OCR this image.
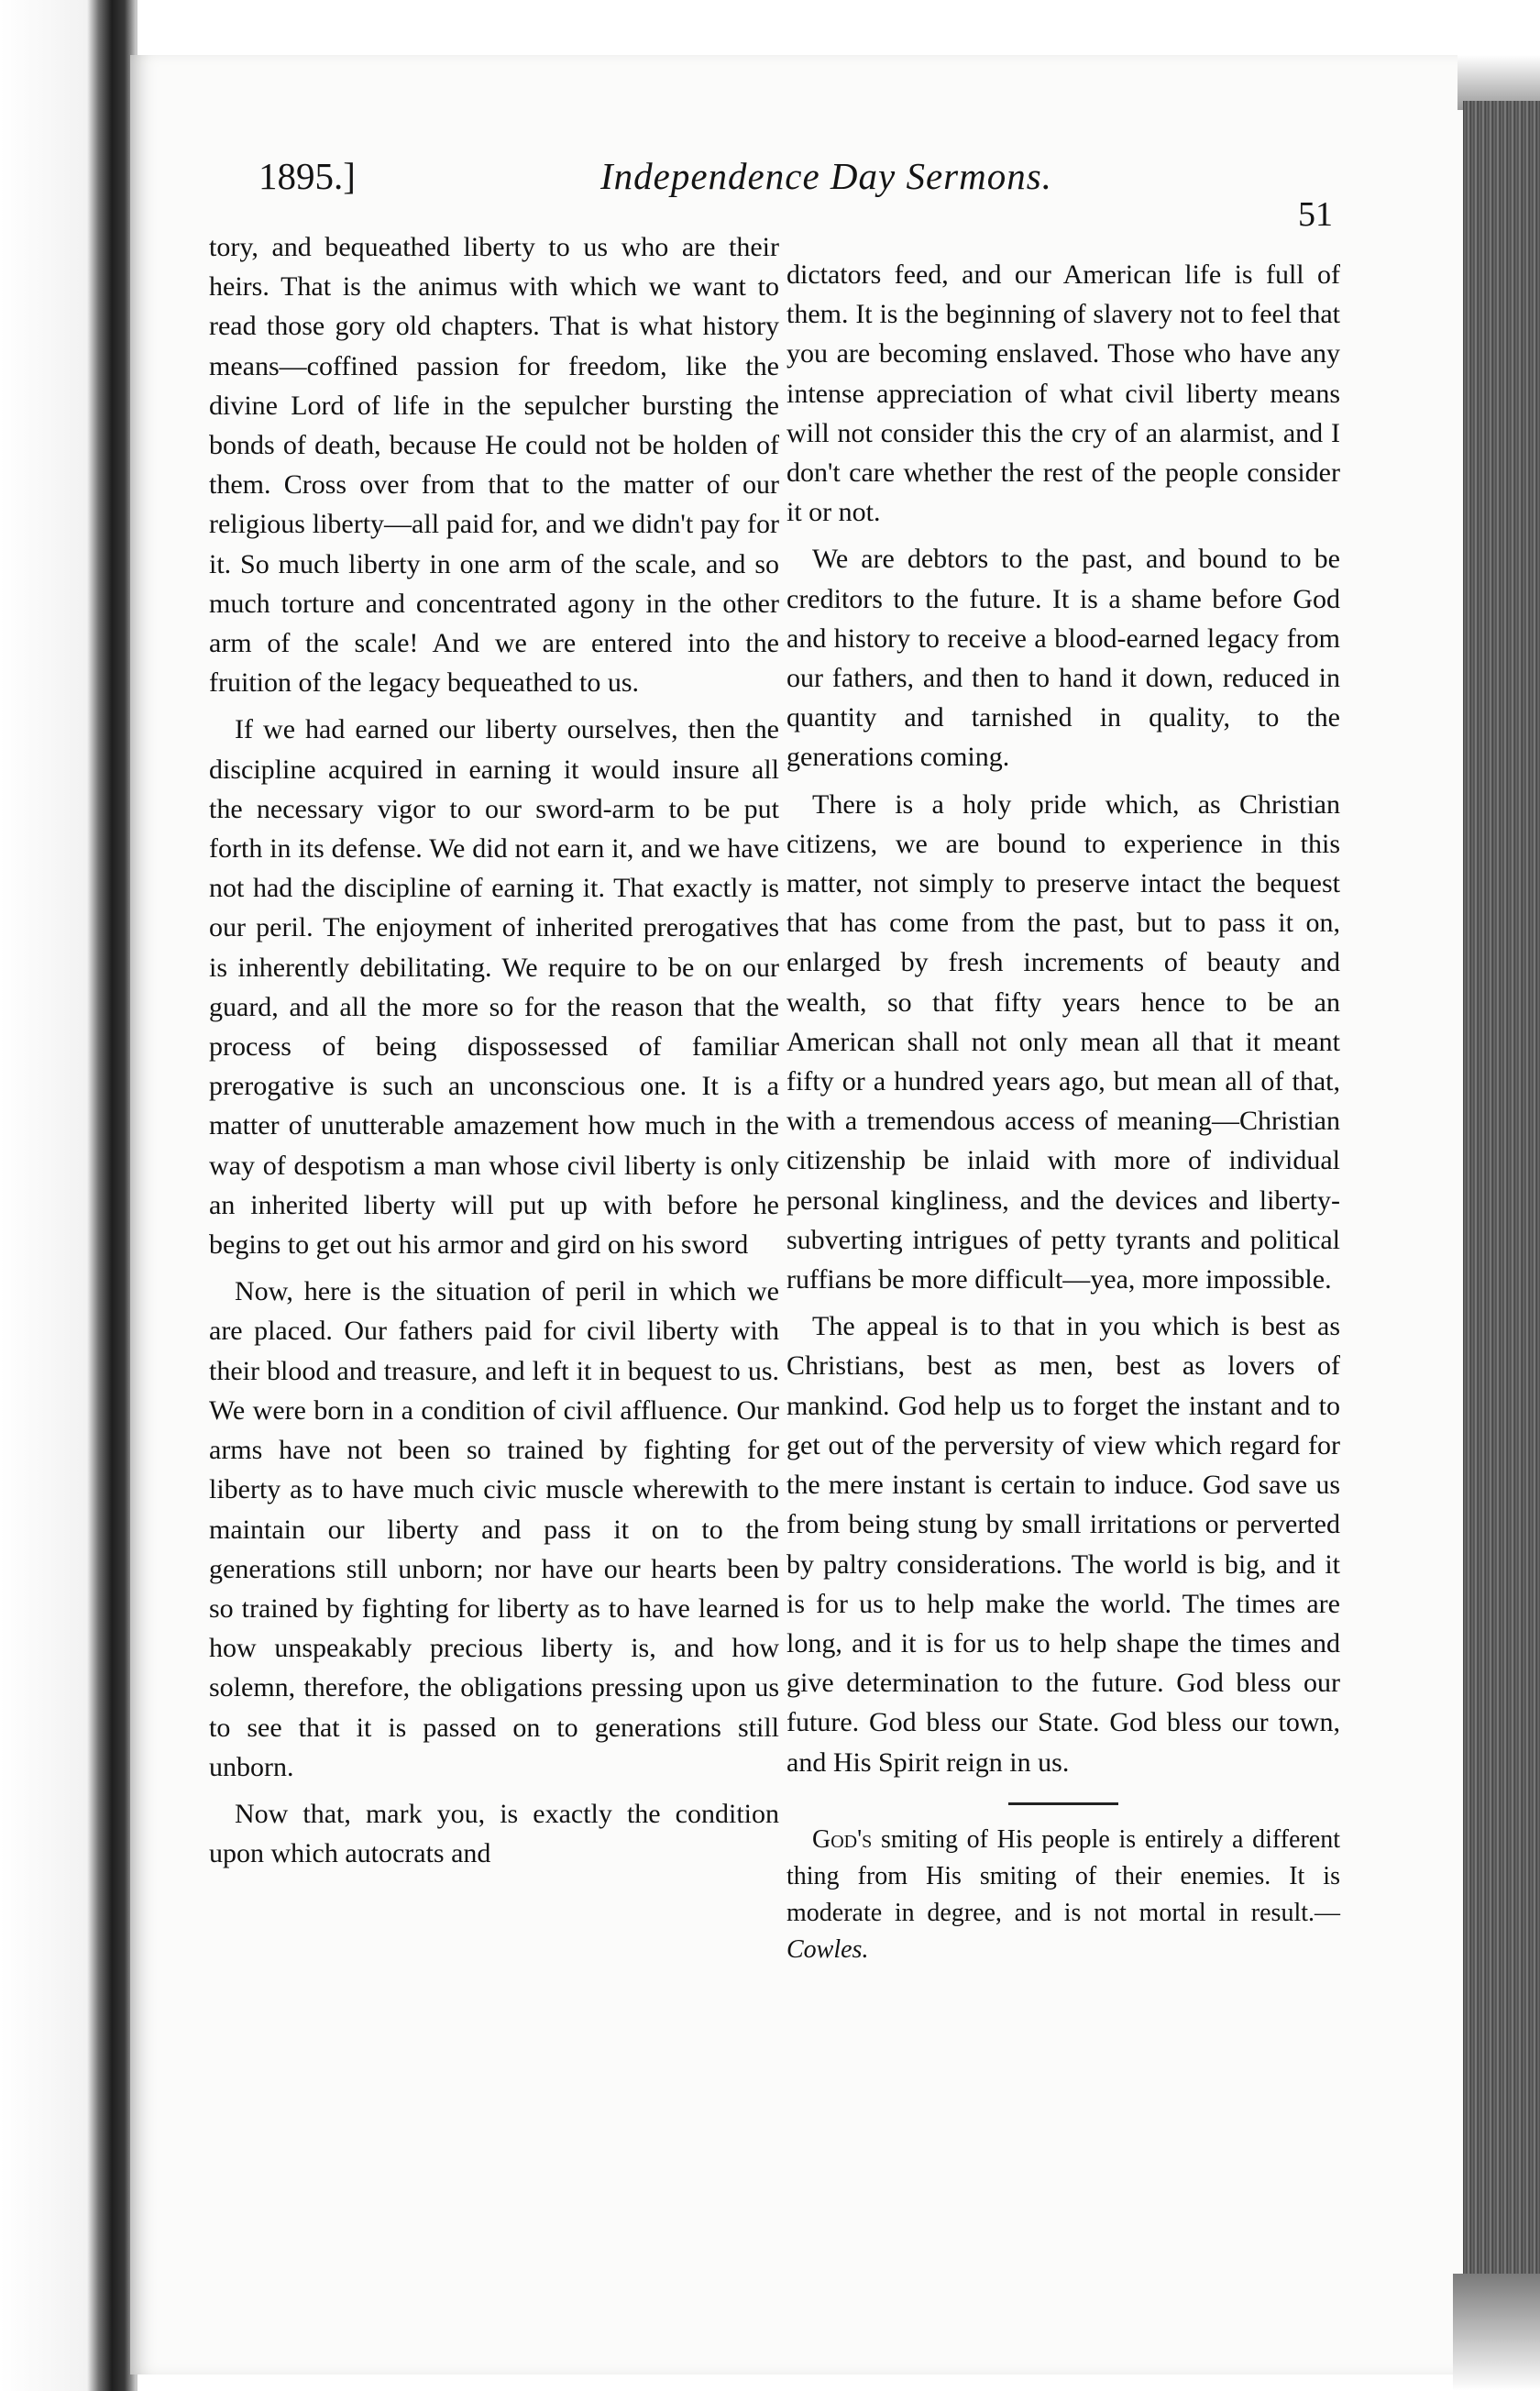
1895.]	Independence Day Sermons.
51

tory, and bequeathed liberty to us who are their heirs. That is the animus with which we want to read those gory old chapters. That is what history means—coffined passion for freedom, like the divine Lord of life in the sepulcher bursting the bonds of death, because He could not be holden of them. Cross over from that to the matter of our religious liberty—all paid for, and we didn't pay for it. So much liberty in one arm of the scale, and so much torture and concentrated agony in the other arm of the scale! And we are entered into the fruition of the legacy bequeathed to us.

If we had earned our liberty ourselves, then the discipline acquired in earning it would insure all the necessary vigor to our sword-arm to be put forth in its defense. We did not earn it, and we have not had the discipline of earning it. That exactly is our peril. The enjoyment of inherited prerogatives is inherently debilitating. We require to be on our guard, and all the more so for the reason that the process of being dispossessed of familiar prerogative is such an unconscious one. It is a matter of unutterable amazement how much in the way of despotism a man whose civil liberty is only an inherited liberty will put up with before he begins to get out his armor and gird on his sword

Now, here is the situation of peril in which we are placed. Our fathers paid for civil liberty with their blood and treasure, and left it in bequest to us. We were born in a condition of civil affluence. Our arms have not been so trained by fighting for liberty as to have much civic muscle wherewith to maintain our liberty and pass it on to the generations still unborn; nor have our hearts been so trained by fighting for liberty as to have learned how unspeakably precious liberty is, and how solemn, therefore, the obligations pressing upon us to see that it is passed on to generations still unborn.

Now that, mark you, is exactly the condition upon which autocrats and

dictators feed, and our American life is full of them. It is the beginning of slavery not to feel that you are becoming enslaved. Those who have any intense appreciation of what civil liberty means will not consider this the cry of an alarmist, and I don't care whether the rest of the people consider it or not.

We are debtors to the past, and bound to be creditors to the future. It is a shame before God and history to receive a blood-earned legacy from our fathers, and then to hand it down, reduced in quantity and tarnished in quality, to the generations coming.

There is a holy pride which, as Christian citizens, we are bound to experience in this matter, not simply to preserve intact the bequest that has come from the past, but to pass it on, enlarged by fresh increments of beauty and wealth, so that fifty years hence to be an American shall not only mean all that it meant fifty or a hundred years ago, but mean all of that, with a tremendous access of meaning—Christian citizenship be inlaid with more of individual personal kingliness, and the devices and liberty-subverting intrigues of petty tyrants and political ruffians be more difficult—yea, more impossible.

The appeal is to that in you which is best as Christians, best as men, best as lovers of mankind. God help us to forget the instant and to get out of the perversity of view which regard for the mere instant is certain to induce. God save us from being stung by small irritations or perverted by paltry considerations. The world is big, and it is for us to help make the world. The times are long, and it is for us to help shape the times and give determination to the future. God bless our future. God bless our State. God bless our town, and His Spirit reign in us.

God's smiting of His people is entirely a different thing from His smiting of their enemies. It is moderate in degree, and is not mortal in result.—Cowles.
